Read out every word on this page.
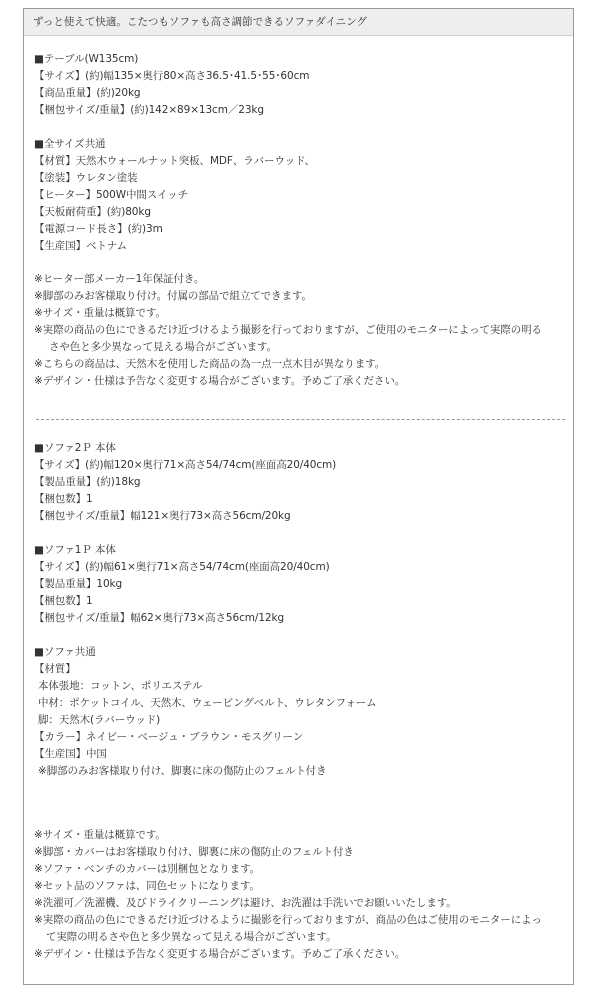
ずっと使えて快適。こたつもソファも高さ調節できるソファダイニング
■テーブル(W135cm)
【サイズ】(約)幅135×奥行80×高さ36.5･41.5･55･60cm
【商品重量】(約)20kg
【梱包サイズ/重量】(約)142×89×13cm／23kg
■全サイズ共通
【材質】天然木ウォールナット突板、MDF、ラバーウッド、
【塗装】ウレタン塗装
【ヒーター】500W中間スイッチ
【天板耐荷重】(約)80kg
【電源コード長さ】(約)3m
【生産国】ベトナム
※ヒーター部メーカー1年保証付き。
※脚部のみお客様取り付け。付属の部品で組立てできます。
※サイズ・重量は概算です。
※実際の商品の色にできるだけ近づけるよう撮影を行っておりますが、ご使用のモニターによって実際の明る
さや色と多少異なって見える場合がございます。
※こちらの商品は、天然木を使用した商品の為一点一点木目が異なります。
※デザイン・仕様は予告なく変更する場合がございます。予めご了承ください。
■ソファ2Ｐ 本体
【サイズ】(約)幅120×奥行71×高さ54/74cm(座面高20/40cm)
【製品重量】(約)18kg
【梱包数】1
【梱包サイズ/重量】幅121×奥行73×高さ56cm/20kg
■ソファ1Ｐ 本体
【サイズ】(約)幅61×奥行71×高さ54/74cm(座面高20/40cm)
【製品重量】10kg
【梱包数】1
【梱包サイズ/重量】幅62×奥行73×高さ56cm/12kg
■ソファ共通
【材質】
本体張地：コットン、ポリエステル
中材：ポケットコイル、天然木、ウェービングベルト、ウレタンフォーム
脚：天然木(ラバーウッド)
【カラー】ネイビー・ベージュ・ブラウン・モスグリーン
【生産国】中国
※脚部のみお客様取り付け、脚裏に床の傷防止のフェルト付き
※サイズ・重量は概算です。
※脚部・カバーはお客様取り付け、脚裏に床の傷防止のフェルト付き
※ソファ・ベンチのカバーは別梱包となります。
※セット品のソファは、同色セットになります。
※洗濯可／洗濯機、及びドライクリーニングは避け、お洗濯は手洗いでお願いいたします。
※実際の商品の色にできるだけ近づけるように撮影を行っておりますが、商品の色はご使用のモニターによっ
て実際の明るさや色と多少異なって見える場合がございます。
※デザイン・仕様は予告なく変更する場合がございます。予めご了承ください。
